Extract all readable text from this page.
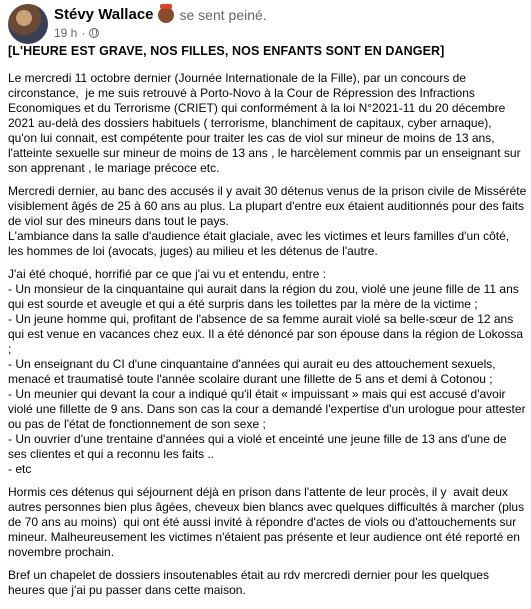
Stévy Wallace se sent peiné.
19 h ·

[L'HEURE EST GRAVE, NOS FILLES, NOS ENFANTS SONT EN DANGER]

Le mercredi 11 octobre dernier (Journée Internationale de la Fille), par un concours de circonstance,  je me suis retrouvé à Porto-Novo à la Cour de Répression des Infractions Economiques et du Terrorisme (CRIET) qui conformément à la loi N°2021-11 du 20 décembre 2021 au-delà des dossiers habituels ( terrorisme, blanchiment de capitaux, cyber arnaque),  qu'on lui connait, est compétente pour traiter les cas de viol sur mineur de moins de 13 ans, l'atteinte sexuelle sur mineur de moins de 13 ans , le harcèlement commis par un enseignant sur son apprenant , le mariage précoce etc.

Mercredi dernier, au banc des accusés il y avait 30 détenus venus de la prison civile de Misséréte visiblement âgés de 25 à 60 ans au plus. La plupart d'entre eux étaient auditionnés pour des faits de viol sur des mineurs dans tout le pays.
L'ambiance dans la salle d'audience était glaciale, avec les victimes et leurs familles d'un côté, les hommes de loi (avocats, juges) au milieu et les détenus de l'autre.

J'ai été choqué, horrifié par ce que j'ai vu et entendu, entre :
- Un monsieur de la cinquantaine qui aurait dans la région du zou, violé une jeune fille de 11 ans qui est sourde et aveugle et qui a été surpris dans les toilettes par la mère de la victime ;
- Un jeune homme qui, profitant de l'absence de sa femme aurait violé sa belle-sœur de 12 ans qui est venue en vacances chez eux. Il a été dénoncé par son épouse dans la région de Lokossa ;
- Un enseignant du CI d'une cinquantaine d'années qui aurait eu des attouchement sexuels, menacé et traumatisé toute l'année scolaire durant une fillette de 5 ans et demi à Cotonou ;
- Un meunier qui devant la cour a indiqué qu'il était « impuissant » mais qui est accusé d'avoir violé une fillette de 9 ans. Dans son cas la cour a demandé l'expertise d'un urologue pour attester ou pas de l'état de fonctionnement de son sexe ;
- Un ouvrier d'une trentaine d'années qui a violé et enceinté une jeune fille de 13 ans d'une de ses clientes et qui a reconnu les faits ..
- etc

Hormis ces détenus qui séjournent déjà en prison dans l'attente de leur procès, il y  avait deux autres personnes bien plus âgées, cheveux bien blancs avec quelques difficultés à marcher (plus de 70 ans au moins)  qui ont été aussi invité à répondre d'actes de viols ou d'attouchements sur mineur. Malheureusement les victimes n'étaient pas présente et leur audience ont été reporté en novembre prochain.

Bref un chapelet de dossiers insoutenables était au rdv mercredi dernier pour les quelques heures que j'ai pu passer dans cette maison.
